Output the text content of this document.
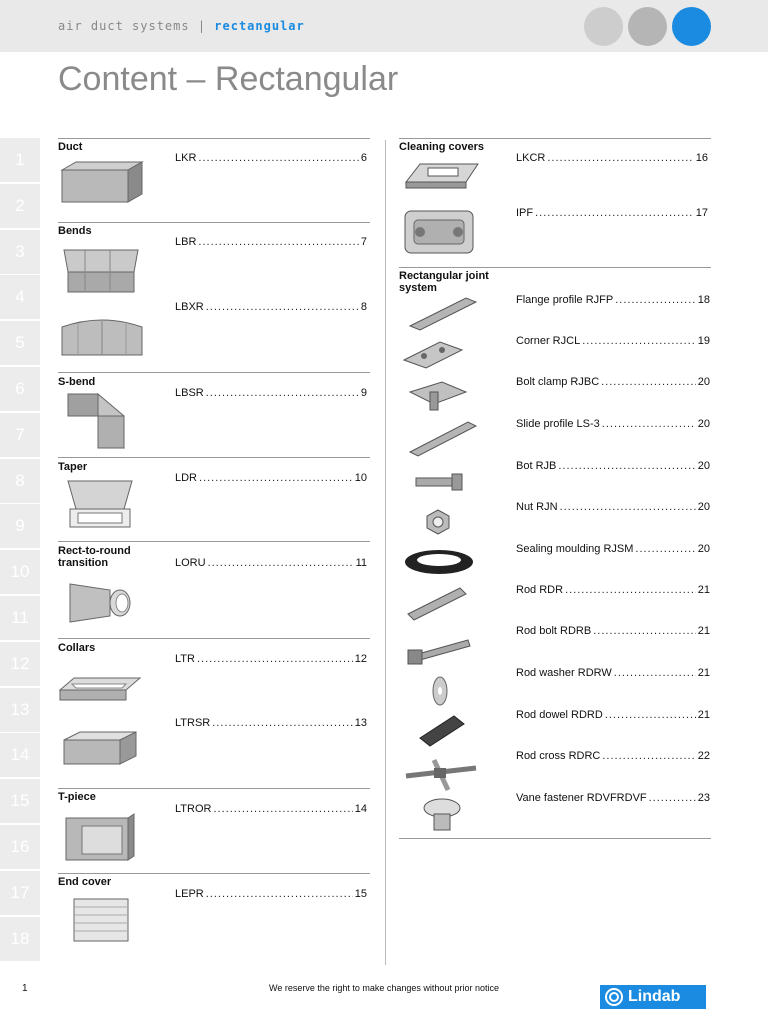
air duct systems | rectangular
Content – Rectangular
1
2
3
4
5
6
7
8
9
10
11
12
13
14
15
16
17
18
Duct
LKR .....	6
Bends
LBR .....	7
LBXR .....	8
S-bend
LBSR .....	9
Taper
LDR .....	10
Rect-to-round transition	LORU .....	11
Collars
LTR .....	12
LTRSR .....	13
T-piece
LTROR .....	14
End cover
LEPR .....	15
Cleaning covers
LKCR .....	16
IPF .....	17
Rectangular joint system
Flange profile RJFP .....	18
Corner RJCL .....	19
Bolt clamp RJBC .....	20
Slide profile LS-3 .....	20
Bot RJB .....	20
Nut RJN .....	20
Sealing moulding RJSM .....	20
Rod RDR .....	21
Rod bolt RDRB .....	21
Rod washer RDRW .....	21
Rod dowel RDRD .....	21
Rod cross RDRC .....	22
Vane fastener RDVFRDVF .....	23
1	We reserve the right to make changes without prior notice	Lindab
